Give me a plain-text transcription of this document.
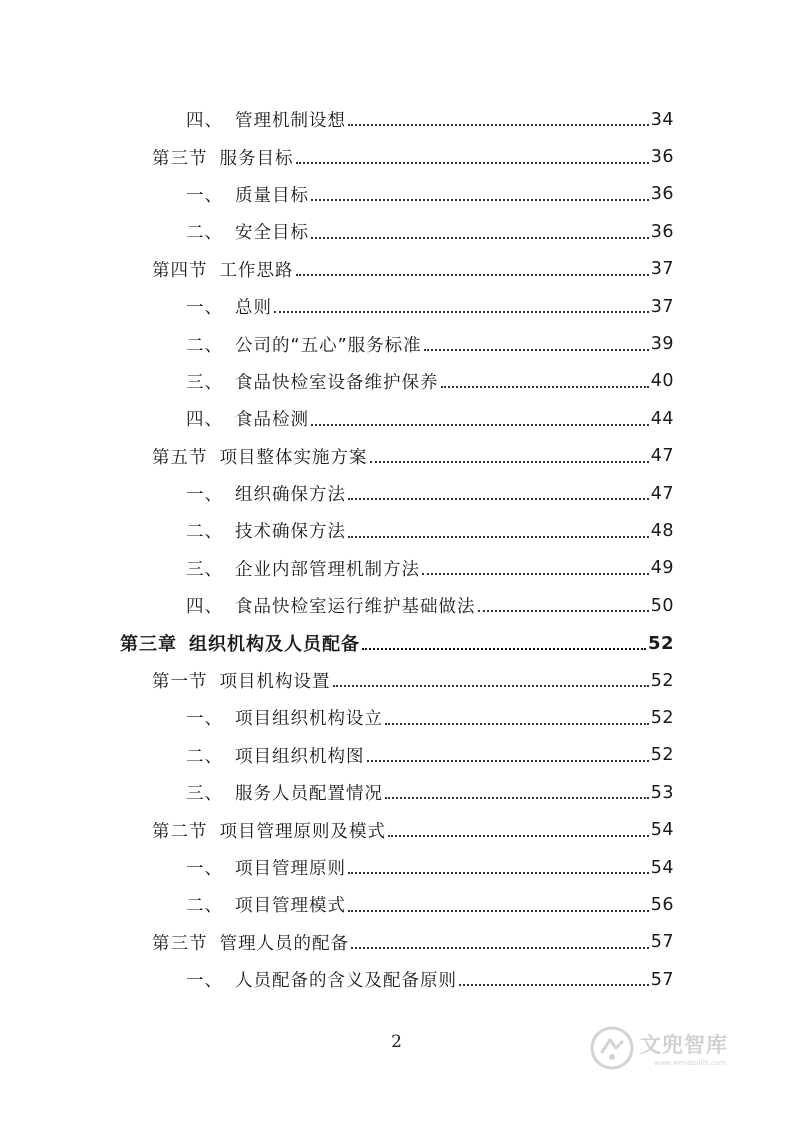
四、 管理机制设想	34
第三节 服务目标	36
一、 质量目标	36
二、 安全目标	36
第四节 工作思路	37
一、 总则	37
二、 公司的“五心”服务标准	39
三、 食品快检室设备维护保养	40
四、 食品检测	44
第五节 项目整体实施方案	47
一、 组织确保方法	47
二、 技术确保方法	48
三、 企业内部管理机制方法	49
四、 食品快检室运行维护基础做法	50
第三章 组织机构及人员配备	52
第一节 项目机构设置	52
一、 项目组织机构设立	52
二、 项目组织机构图	52
三、 服务人员配置情况	53
第二节 项目管理原则及模式	54
一、 项目管理原则	54
二、 项目管理模式	56
第三节 管理人员的配备	57
一、 人员配备的含义及配备原则	57
2	文兜智库
www.wendoulib.com
